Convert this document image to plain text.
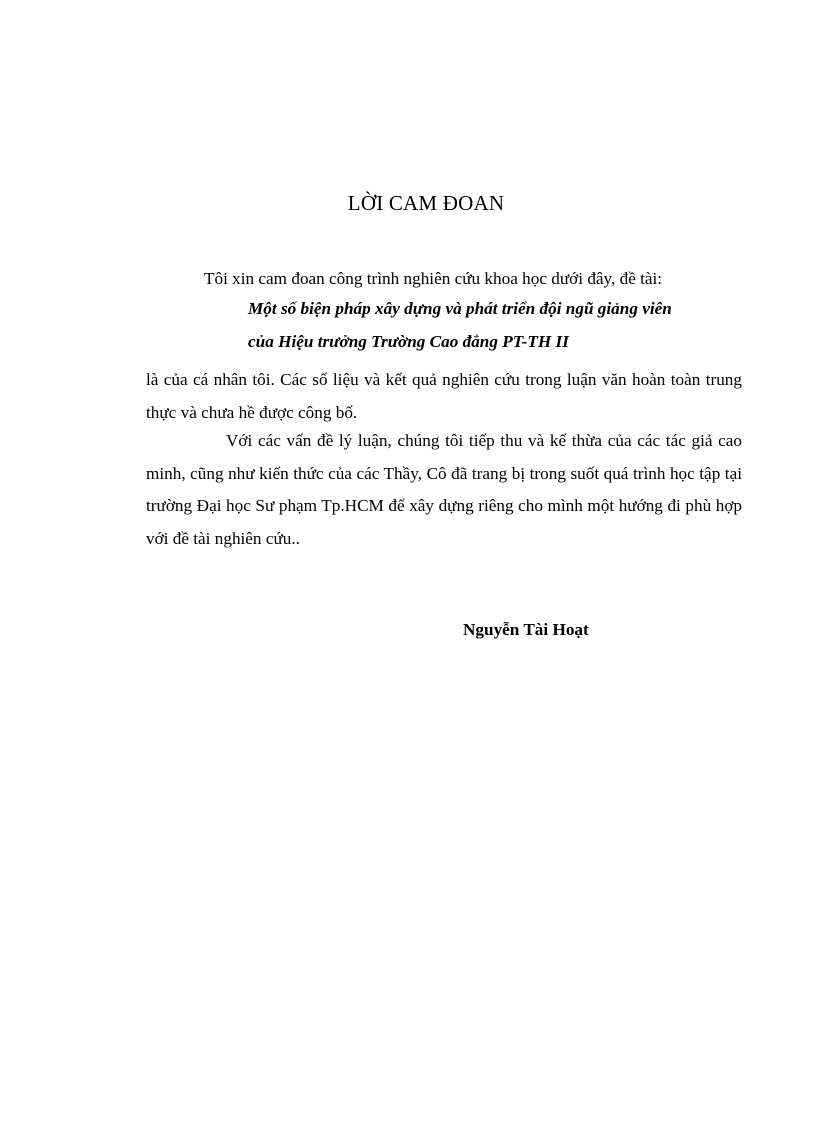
LỜI CAM ĐOAN
Tôi xin cam đoan công trình nghiên cứu khoa học dưới đây, đề tài:
Một số biện pháp xây dựng và phát triển đội ngũ giảng viên
của Hiệu trưởng Trường Cao đẳng PT-TH II
là của cá nhân tôi. Các số liệu và kết quả nghiên cứu trong luận văn hoàn toàn trung thực và chưa hề được công bố.
Với các vấn đề lý luận, chúng tôi tiếp thu và kế thừa của các tác giả cao minh, cũng như kiến thức của các Thầy, Cô đã trang bị trong suốt quá trình học tập tại trường Đại học Sư phạm Tp.HCM để xây dựng riêng cho mình một hướng đi phù hợp với đề tài nghiên cứu..
Nguyễn Tài Hoạt
